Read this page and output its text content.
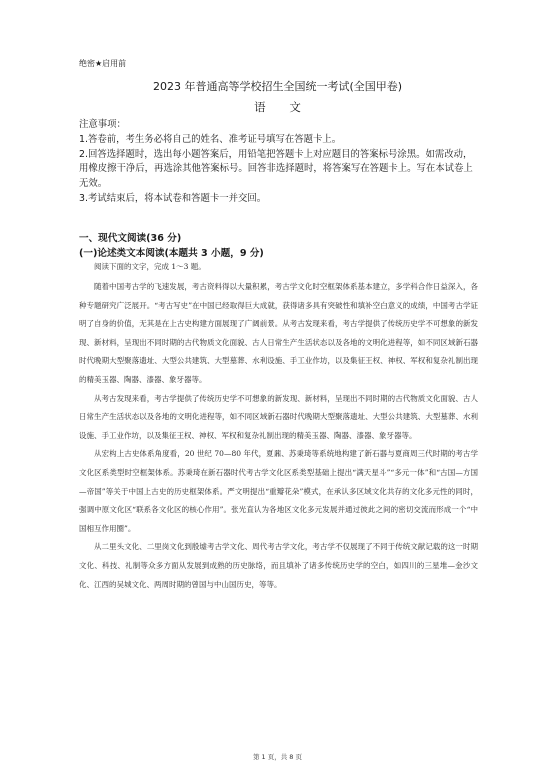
绝密★启用前
2023 年普通高等学校招生全国统一考试(全国甲卷)
语 文

注意事项：

1.答卷前，考生务必将自己的姓名、准考证号填写在答题卡上。

2.回答选择题时，选出每小题答案后，用铅笔把答题卡上对应题目的答案标号涂黑。如需改动，用橡皮擦干净后，再选涂其他答案标号。回答非选择题时，将答案写在答题卡上。写在本试卷上无效。

3.考试结束后，将本试卷和答题卡一并交回。

一、现代文阅读(36 分)
(一)论述类文本阅读(本题共 3 小题，9 分)

阅读下面的文字，完成 1～3 题。

随着中国考古学的飞速发展，考古资料得以大量积累，考古学文化时空框架体系基本建立，多学科合作日益深入，各种专题研究广泛展开。“考古写史”在中国已经取得巨大成就，获得诸多具有突破性和填补空白意义的成绩，中国考古学证明了自身的价值，无其是在上古史构建方面展现了广阔前景。从考古发现来看，考古学提供了传统历史学不可想象的新发现、新材料，呈现出不同时期的古代物质文化面貌、古人日常生产生活状态以及各地的文明化进程等，如不同区域新石器时代晚期大型聚落遗址、大型公共建筑、大型墓葬、水利设施、手工业作坊，以及集征王权、神权、军权和复杂礼制出现的精美玉器、陶器、漆器、象牙器等。

从考古发现来看，考古学提供了传统历史学不可想象的新发现、新材料，呈现出不同时期的古代物质文化面貌、古人日常生产生活状态以及各地的文明化进程等，如不同区域新石器时代晚期大型聚落遗址、大型公共建筑、大型墓葬、水利设施、手工业作坊，以及集征王权、神权、军权和复杂礼制出现的精美玉器、陶器、漆器、象牙器等。

从宏构上古史体系角度看，20 世纪 70—80 年代，夏鼐、苏秉琦等系统地构建了新石器与夏商周三代时期的考古学文化区系类型时空框架体系。苏秉琦在新石器时代考古学文化区系类型基础上提出“满天星斗”“多元一体”和“古国—方国—帝国”等关于中国上古史的历史框架体系。严文明提出“重瓣花朵”模式，在承认多区域文化共存的文化多元性的同时，强调中原文化区“联系各文化区的核心作用”。张光直认为各地区文化多元发展并通过彼此之间的密切交流而形成一个“中国相互作用圈”。

从二里头文化、二里岗文化到殷墟考古学文化、周代考古学文化，考古学不仅展现了不同于传统文献记载的这一时期文化、科技、礼制等众多方面从发展到成熟的历史脉络，而且填补了诸多传统历史学的空白，如四川的三星堆—金沙文化、江西的吴城文化、两周时期的曾国与中山国历史，等等。

第 1 页，共 8 页
